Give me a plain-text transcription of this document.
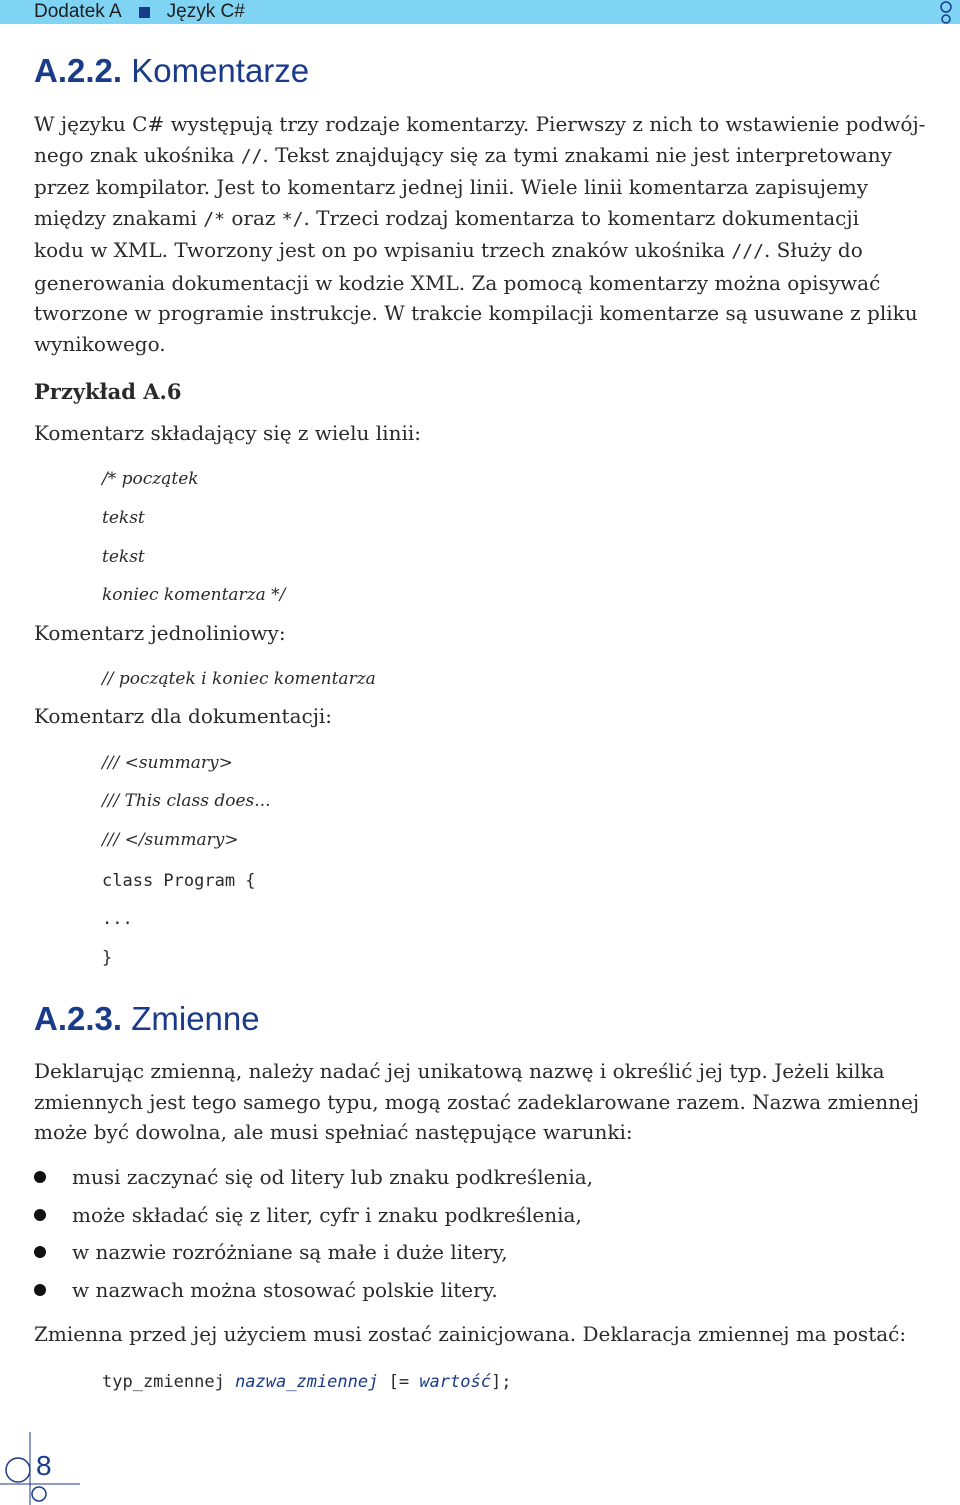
Dodatek A Język C#
A.2.2. Komentarze
W języku C# występują trzy rodzaje komentarzy. Pierwszy z nich to wstawienie podwój-
nego znak ukośnika //. Tekst znajdujący się za tymi znakami nie jest interpretowany
przez kompilator. Jest to komentarz jednej linii. Wiele linii komentarza zapisujemy
między znakami /* oraz */. Trzeci rodzaj komentarza to komentarz dokumentacji
kodu w XML. Tworzony jest on po wpisaniu trzech znaków ukośnika ///. Służy do
generowania dokumentacji w kodzie XML. Za pomocą komentarzy można opisywać
tworzone w programie instrukcje. W trakcie kompilacji komentarze są usuwane z pliku
wynikowego.
Przykład A.6
Komentarz składający się z wielu linii:
/* początek
tekst
tekst
koniec komentarza */
Komentarz jednoliniowy:
// początek i koniec komentarza
Komentarz dla dokumentacji:
/// <summary>
/// This class does...
/// </summary>
class Program {
...
}
A.2.3. Zmienne
Deklarując zmienną, należy nadać jej unikatową nazwę i określić jej typ. Jeżeli kilka
zmiennych jest tego samego typu, mogą zostać zadeklarowane razem. Nazwa zmiennej
może być dowolna, ale musi spełniać następujące warunki:
musi zaczynać się od litery lub znaku podkreślenia,
może składać się z liter, cyfr i znaku podkreślenia,
w nazwie rozróżniane są małe i duże litery,
w nazwach można stosować polskie litery.
Zmienna przed jej użyciem musi zostać zainicjowana. Deklaracja zmiennej ma postać:
typ_zmiennej nazwa_zmiennej [= wartość];
8
